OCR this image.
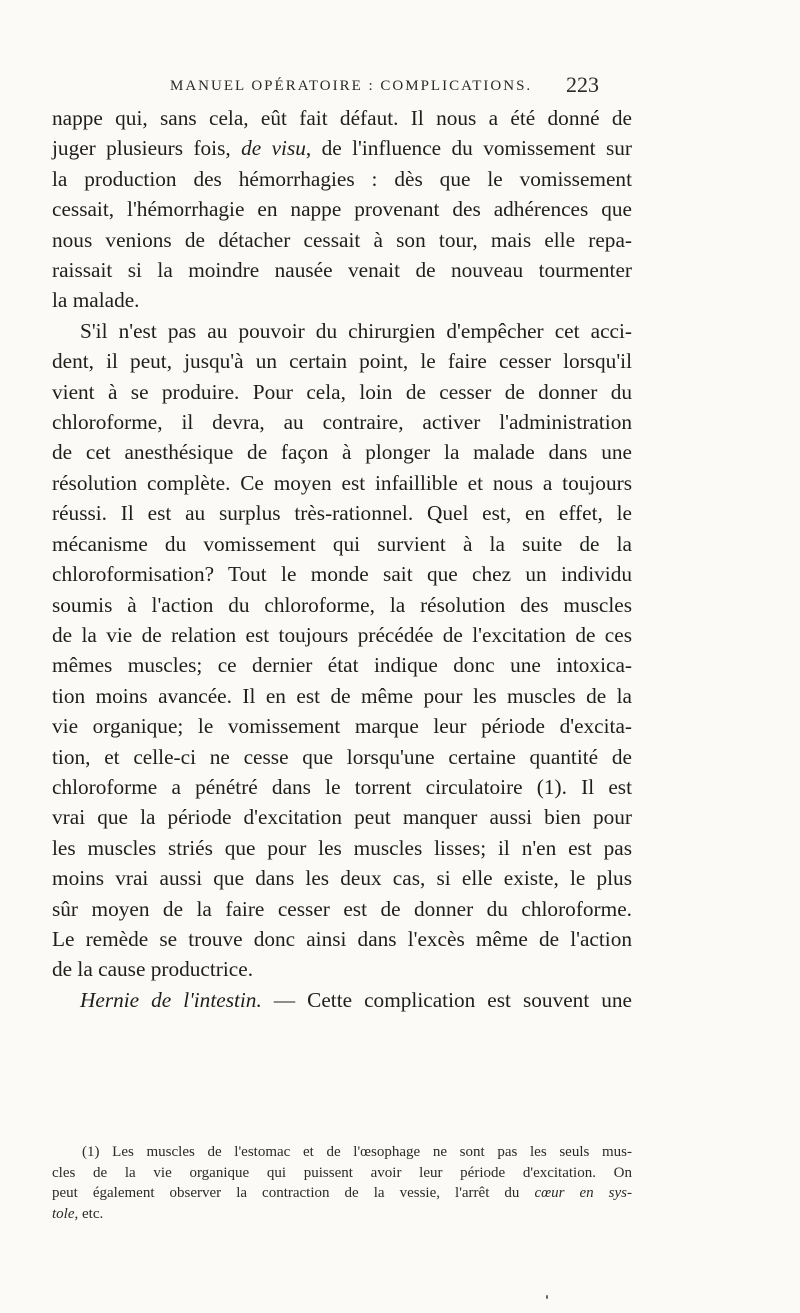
MANUEL OPÉRATOIRE : COMPLICATIONS.	223
nappe qui, sans cela, eût fait défaut. Il nous a été donné de
juger plusieurs fois, de visu, de l'influence du vomissement sur
la production des hémorrhagies : dès que le vomissement
cessait, l'hémorrhagie en nappe provenant des adhérences que
nous venions de détacher cessait à son tour, mais elle repa-
raissait si la moindre nausée venait de nouveau tourmenter
la malade.
S'il n'est pas au pouvoir du chirurgien d'empêcher cet acci-
dent, il peut, jusqu'à un certain point, le faire cesser lorsqu'il
vient à se produire. Pour cela, loin de cesser de donner du
chloroforme, il devra, au contraire, activer l'administration
de cet anesthésique de façon à plonger la malade dans une
résolution complète. Ce moyen est infaillible et nous a toujours
réussi. Il est au surplus très-rationnel. Quel est, en effet, le
mécanisme du vomissement qui survient à la suite de la
chloroformisation? Tout le monde sait que chez un individu
soumis à l'action du chloroforme, la résolution des muscles
de la vie de relation est toujours précédée de l'excitation de ces
mêmes muscles; ce dernier état indique donc une intoxica-
tion moins avancée. Il en est de même pour les muscles de la
vie organique; le vomissement marque leur période d'excita-
tion, et celle-ci ne cesse que lorsqu'une certaine quantité de
chloroforme a pénétré dans le torrent circulatoire (1). Il est
vrai que la période d'excitation peut manquer aussi bien pour
les muscles striés que pour les muscles lisses; il n'en est pas
moins vrai aussi que dans les deux cas, si elle existe, le plus
sûr moyen de la faire cesser est de donner du chloroforme.
Le remède se trouve donc ainsi dans l'excès même de l'action
de la cause productrice.
Hernie de l'intestin. — Cette complication est souvent une
(1) Les muscles de l'estomac et de l'œsophage ne sont pas les seuls mus-
cles de la vie organique qui puissent avoir leur période d'excitation. On
peut également observer la contraction de la vessie, l'arrêt du cœur en sys-
tole, etc.
